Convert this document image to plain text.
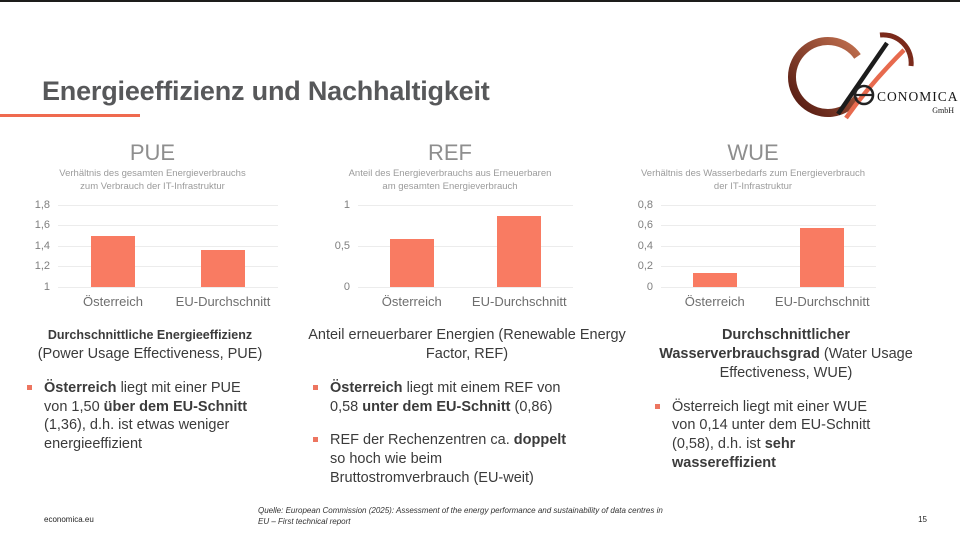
Energieeffizienz und Nachhaltigkeit	CONOMICA
GmbH
PUE
Verhältnis des gesamten Energieverbrauchs
zum Verbrauch der IT-Infrastruktur
1,8
1,6
1,4
1,2
1
Österreich	EU-Durchschnitt
REF
Anteil des Energieverbrauchs aus Erneuerbaren
am gesamten Energieverbrauch
1
0,5
0
Österreich EU-Durchschnitt
WUE
Verhältnis des Wasserbedarfs zum Energieverbrauch
der IT-Infrastruktur
0,8
0,6
0,4
0,2
0
Österreich EU-Durchschnitt
Durchschnittliche Energieeffizienz
(Power Usage Effectiveness, PUE)
Österreich liegt mit einer PUE von 1,50 über dem EU-Schnitt (1,36), d.h. ist etwas weniger energieeffizient
Anteil erneuerbarer Energien (Renewable Energy Factor, REF)
Österreich liegt mit einem REF von 0,58 unter dem EU-Schnitt (0,86)
REF der Rechenzentren ca. doppelt so hoch wie beim Bruttostromverbrauch (EU-weit)
Durchschnittlicher Wasserverbrauchsgrad (Water Usage Effectiveness, WUE)
Österreich liegt mit einer WUE von 0,14 unter dem EU-Schnitt (0,58), d.h. ist sehr wassereffizient
economica.eu
Quelle: European Commission (2025): Assessment of the energy performance and sustainability of data centres in
EU – First technical report	15
